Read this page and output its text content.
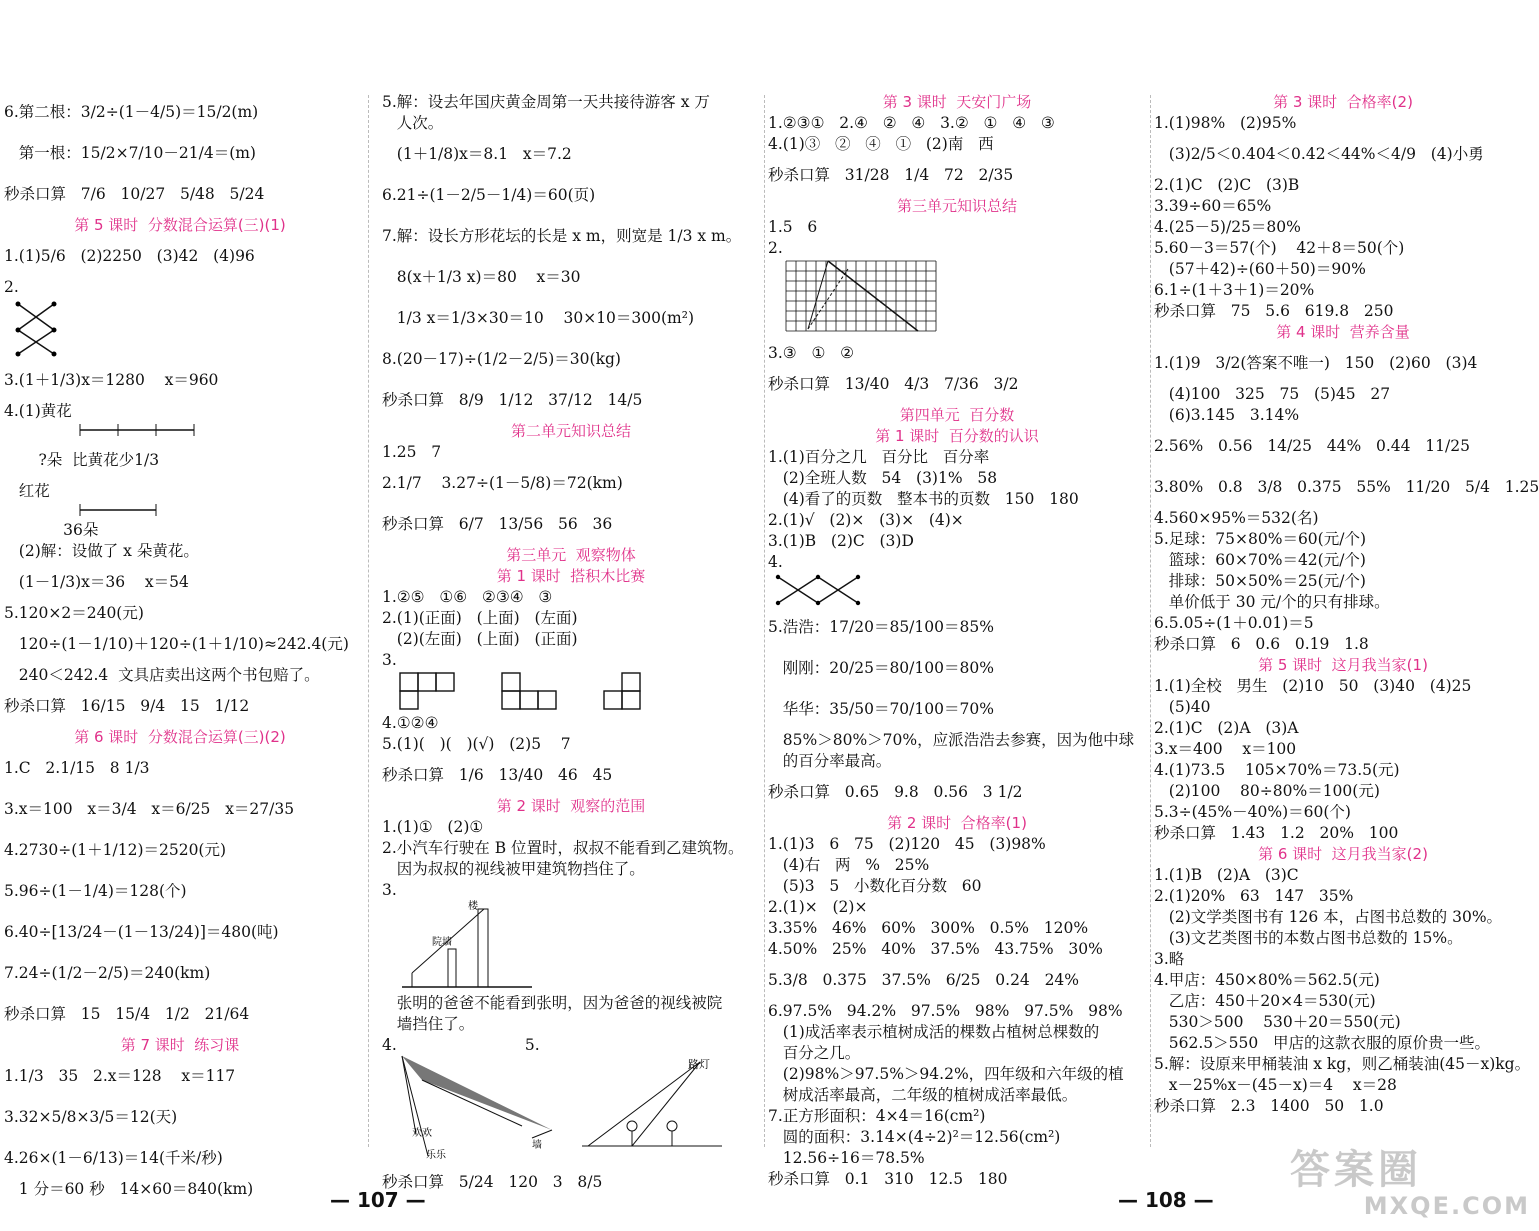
6.第二根：3/2÷(1－4/5)＝15/2(m)
第一根：15/2×7/10－21/4＝(m)
秒杀口算   7/6   10/27   5/48   5/24
第 5 课时  分数混合运算(三)(1)
1.(1)5/6   (2)2250   (3)42   (4)96
2.
3.(1＋1/3)x＝1280    x＝960
4.(1)黄花
?朵  比黄花少1/3
红花
36朵
(2)解：设做了 x 朵黄花。
(1－1/3)x＝36    x＝54
5.120×2＝240(元)
120÷(1－1/10)＋120÷(1＋1/10)≈242.4(元)
240＜242.4  文具店卖出这两个书包赔了。
秒杀口算   16/15   9/4   15   1/12
第 6 课时  分数混合运算(三)(2)
1.C   2.1/15   8 1/3
3.x＝100   x＝3/4   x＝6/25   x＝27/35
4.2730÷(1＋1/12)＝2520(元)
5.96÷(1－1/4)＝128(个)
6.40÷[13/24－(1－13/24)]＝480(吨)
7.24÷(1/2－2/5)＝240(km)
秒杀口算   15   15/4   1/2   21/64
第 7 课时  练习课
1.1/3   35   2.x＝128    x＝117
3.32×5/8×3/5＝12(天)
4.26×(1－6/13)＝14(千米/秒)
1 分＝60 秒   14×60＝840(km)
5.解：设去年国庆黄金周第一天共接待游客 x 万
人次。
(1＋1/8)x＝8.1   x＝7.2
6.21÷(1－2/5－1/4)＝60(页)
7.解：设长方形花坛的长是 x m，则宽是 1/3 x m。
8(x＋1/3 x)＝80    x＝30
1/3 x＝1/3×30＝10    30×10＝300(m²)
8.(20－17)÷(1/2－2/5)＝30(kg)
秒杀口算   8/9   1/12   37/12   14/5
第二单元知识总结
1.25   7
2.1/7    3.27÷(1－5/8)＝72(km)
秒杀口算   6/7   13/56   56   36
第三单元  观察物体
第 1 课时  搭积木比赛
1.②⑤   ①⑥   ②③④   ③
2.(1)(正面)   (上面)   (左面)
(2)(左面)   (上面)   (正面)
3.
4.①②④
5.(1)(   )(   )(√)   (2)5    7
秒杀口算   1/6   13/40   46   45
第 2 课时  观察的范围
1.(1)①   (2)①
2.小汽车行驶在 B 位置时，叔叔不能看到乙建筑物。
因为叔叔的视线被甲建筑物挡住了。
3.
楼
院墙
张明的爸爸不能看到张明，因为爸爸的视线被院
墙挡住了。
4.                          5.
欢欢
乐乐
墙
路灯
秒杀口算   5/24   120   3   8/5
第 3 课时  天安门广场
1.②③①   2.④   ②   ④   3.②   ①   ④   ③
4.(1)③   ②   ④   ①   (2)南   西
秒杀口算   31/28   1/4   72   2/35
第三单元知识总结
1.5   6
2.
3.③   ①   ②
秒杀口算   13/40   4/3   7/36   3/2
第四单元  百分数
第 1 课时  百分数的认识
1.(1)百分之几   百分比   百分率
(2)全班人数   54   (3)1%   58
(4)看了的页数   整本书的页数   150   180
2.(1)√   (2)×   (3)×   (4)×
3.(1)B   (2)C   (3)D
4.
5.浩浩：17/20＝85/100＝85%
刚刚：20/25＝80/100＝80%
华华：35/50＝70/100＝70%
85%＞80%＞70%，应派浩浩去参赛，因为他中球
的百分率最高。
秒杀口算   0.65   9.8   0.56   3 1/2
第 2 课时  合格率(1)
1.(1)3   6   75   (2)120   45   (3)98%
(4)右   两   %   25%
(5)3   5   小数化百分数   60
2.(1)×   (2)×
3.35%   46%   60%   300%   0.5%   120%
4.50%   25%   40%   37.5%   43.75%   30%
5.3/8   0.375   37.5%   6/25   0.24   24%
6.97.5%   94.2%   97.5%   98%   97.5%   98%
(1)成活率表示植树成活的棵数占植树总棵数的
百分之几。
(2)98%＞97.5%＞94.2%，四年级和六年级的植
树成活率最高，二年级的植树成活率最低。
7.正方形面积：4×4＝16(cm²)
圆的面积：3.14×(4÷2)²＝12.56(cm²)
12.56÷16＝78.5%
秒杀口算   0.1   310   12.5   180
第 3 课时  合格率(2)
1.(1)98%   (2)95%
(3)2/5＜0.404＜0.42＜44%＜4/9   (4)小勇
2.(1)C   (2)C   (3)B
3.39÷60＝65%
4.(25－5)/25＝80%
5.60－3＝57(个)    42＋8＝50(个)
(57＋42)÷(60＋50)＝90%
6.1÷(1＋3＋1)＝20%
秒杀口算   75   5.6   619.8   250
第 4 课时  营养含量
1.(1)9   3/2(答案不唯一)   150   (2)60   (3)4
(4)100   325   75   (5)45   27
(6)3.145   3.14%
2.56%   0.56   14/25   44%   0.44   11/25
3.80%   0.8   3/8   0.375   55%   11/20   5/4   1.25
4.560×95%＝532(名)
5.足球：75×80%＝60(元/个)
篮球：60×70%＝42(元/个)
排球：50×50%＝25(元/个)
单价低于 30 元/个的只有排球。
6.5.05÷(1＋0.01)＝5
秒杀口算   6   0.6   0.19   1.8
第 5 课时  这月我当家(1)
1.(1)全校   男生   (2)10   50   (3)40   (4)25
(5)40
2.(1)C   (2)A   (3)A
3.x＝400    x＝100
4.(1)73.5    105×70%＝73.5(元)
(2)100    80÷80%＝100(元)
5.3÷(45%－40%)＝60(个)
秒杀口算   1.43   1.2   20%   100
第 6 课时  这月我当家(2)
1.(1)B   (2)A   (3)C
2.(1)20%   63   147   35%
(2)文学类图书有 126 本，占图书总数的 30%。
(3)文艺类图书的本数占图书总数的 15%。
3.略
4.甲店：450×80%＝562.5(元)
乙店：450＋20×4＝530(元)
530＞500    530＋20＝550(元)
562.5＞550   甲店的这款衣服的原价贵一些。
5.解：设原来甲桶装油 x kg，则乙桶装油(45－x)kg。
x－25%x－(45－x)＝4    x＝28
秒杀口算   2.3   1400   50   1.0
— 107 —	— 108 —
答案圈
MXQE.COM
